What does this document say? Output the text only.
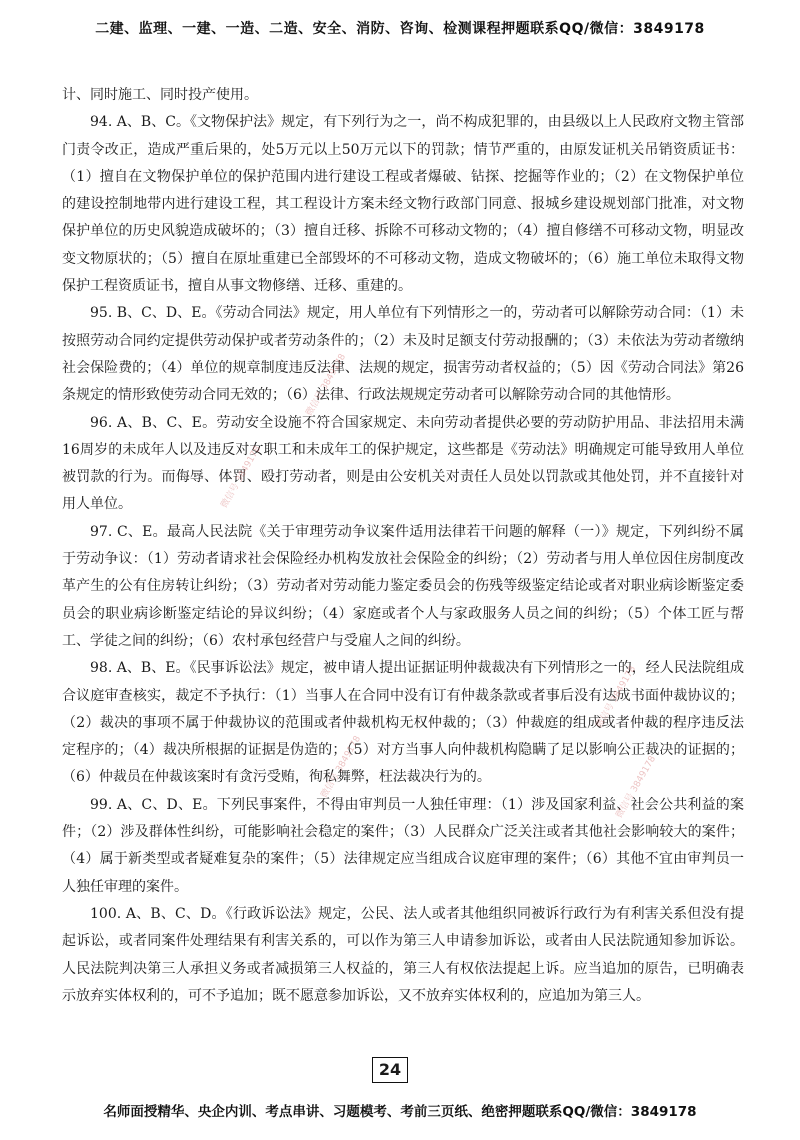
二建、监理、一建、一造、二造、安全、消防、咨询、检测课程押题联系QQ/微信：3849178

计、同时施工、同时投产使用。

94. A、B、C。《文物保护法》规定，有下列行为之一，尚不构成犯罪的，由县级以上人民政府文物主管部门责令改正，造成严重后果的，处5万元以上50万元以下的罚款；情节严重的，由原发证机关吊销资质证书：（1）擅自在文物保护单位的保护范围内进行建设工程或者爆破、钻探、挖掘等作业的；（2）在文物保护单位的建设控制地带内进行建设工程，其工程设计方案未经文物行政部门同意、报城乡建设规划部门批准，对文物保护单位的历史风貌造成破坏的；（3）擅自迁移、拆除不可移动文物的；（4）擅自修缮不可移动文物，明显改变文物原状的；（5）擅自在原址重建已全部毁坏的不可移动文物，造成文物破坏的；（6）施工单位未取得文物保护工程资质证书，擅自从事文物修缮、迁移、重建的。

95. B、C、D、E。《劳动合同法》规定，用人单位有下列情形之一的，劳动者可以解除劳动合同：（1）未按照劳动合同约定提供劳动保护或者劳动条件的；（2）未及时足额支付劳动报酬的；（3）未依法为劳动者缴纳社会保险费的；（4）单位的规章制度违反法律、法规的规定，损害劳动者权益的；（5）因《劳动合同法》第26条规定的情形致使劳动合同无效的；（6）法律、行政法规规定劳动者可以解除劳动合同的其他情形。

96. A、B、C、E。劳动安全设施不符合国家规定、未向劳动者提供必要的劳动防护用品、非法招用未满16周岁的未成年人以及违反对女职工和未成年工的保护规定，这些都是《劳动法》明确规定可能导致用人单位被罚款的行为。而侮辱、体罚、殴打劳动者，则是由公安机关对责任人员处以罚款或其他处罚，并不直接针对用人单位。

97. C、E。最高人民法院《关于审理劳动争议案件适用法律若干问题的解释（一）》规定，下列纠纷不属于劳动争议：（1）劳动者请求社会保险经办机构发放社会保险金的纠纷；（2）劳动者与用人单位因住房制度改革产生的公有住房转让纠纷；（3）劳动者对劳动能力鉴定委员会的伤残等级鉴定结论或者对职业病诊断鉴定委员会的职业病诊断鉴定结论的异议纠纷；（4）家庭或者个人与家政服务人员之间的纠纷；（5）个体工匠与帮工、学徒之间的纠纷；（6）农村承包经营户与受雇人之间的纠纷。

98. A、B、E。《民事诉讼法》规定，被申请人提出证据证明仲裁裁决有下列情形之一的，经人民法院组成合议庭审查核实，裁定不予执行：（1）当事人在合同中没有订有仲裁条款或者事后没有达成书面仲裁协议的；（2）裁决的事项不属于仲裁协议的范围或者仲裁机构无权仲裁的；（3）仲裁庭的组成或者仲裁的程序违反法定程序的；（4）裁决所根据的证据是伪造的；（5）对方当事人向仲裁机构隐瞒了足以影响公正裁决的证据的；（6）仲裁员在仲裁该案时有贪污受贿，徇私舞弊，枉法裁决行为的。

99. A、C、D、E。下列民事案件，不得由审判员一人独任审理：（1）涉及国家利益、社会公共利益的案件；（2）涉及群体性纠纷，可能影响社会稳定的案件；（3）人民群众广泛关注或者其他社会影响较大的案件；（4）属于新类型或者疑难复杂的案件；（5）法律规定应当组成合议庭审理的案件；（6）其他不宜由审判员一人独任审理的案件。

100. A、B、C、D。《行政诉讼法》规定，公民、法人或者其他组织同被诉行政行为有利害关系但没有提起诉讼，或者同案件处理结果有利害关系的，可以作为第三人申请参加诉讼，或者由人民法院通知参加诉讼。人民法院判决第三人承担义务或者减损第三人权益的，第三人有权依法提起上诉。应当追加的原告，已明确表示放弃实体权利的，可不予追加；既不愿意参加诉讼，又不放弃实体权利的，应追加为第三人。

微信号 3849178
微信号 3849178
微信号 3849178
微信号 3849178	微信号 3849178
24
名师面授精华、央企内训、考点串讲、习题模考、考前三页纸、绝密押题联系QQ/微信：3849178
